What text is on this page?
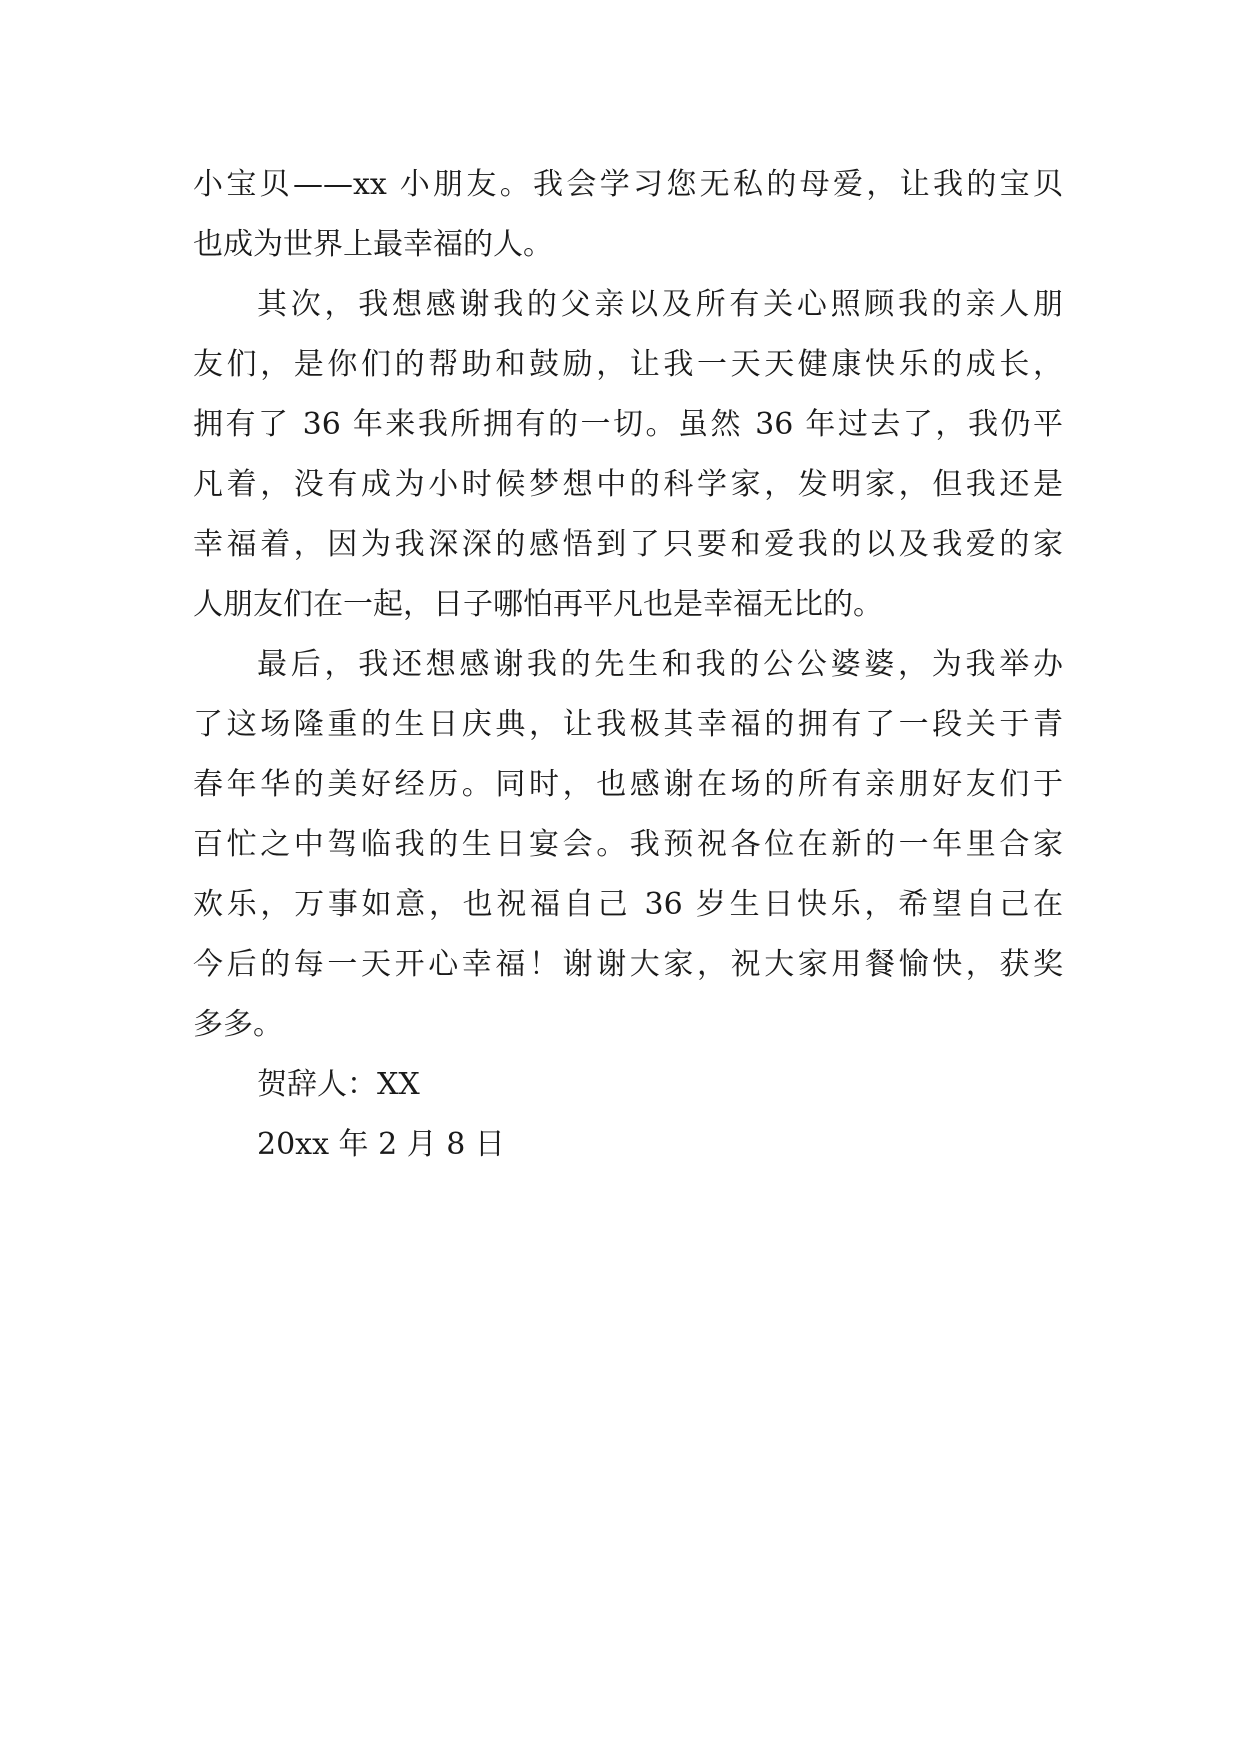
小宝贝——xx 小朋友。我会学习您无私的母爱，让我的宝贝
也成为世界上最幸福的人。
其次，我想感谢我的父亲以及所有关心照顾我的亲人朋
友们，是你们的帮助和鼓励，让我一天天健康快乐的成长，
拥有了 36 年来我所拥有的一切。虽然 36 年过去了，我仍平
凡着，没有成为小时候梦想中的科学家，发明家，但我还是
幸福着，因为我深深的感悟到了只要和爱我的以及我爱的家
人朋友们在一起，日子哪怕再平凡也是幸福无比的。
最后，我还想感谢我的先生和我的公公婆婆，为我举办
了这场隆重的生日庆典，让我极其幸福的拥有了一段关于青
春年华的美好经历。同时，也感谢在场的所有亲朋好友们于
百忙之中驾临我的生日宴会。我预祝各位在新的一年里合家
欢乐，万事如意，也祝福自己 36 岁生日快乐，希望自己在
今后的每一天开心幸福！谢谢大家，祝大家用餐愉快，获奖
多多。
贺辞人：XX
20xx 年 2 月 8 日
